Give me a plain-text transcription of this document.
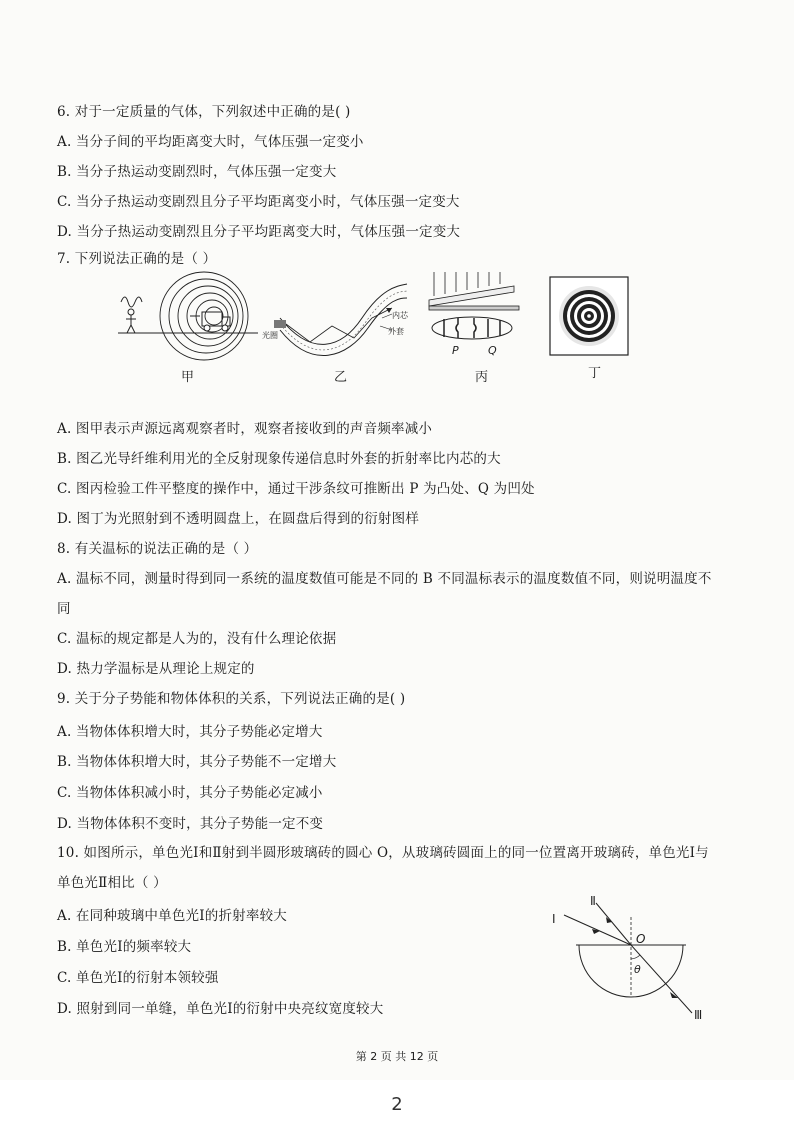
6. 对于一定质量的气体，下列叙述中正确的是( )
A. 当分子间的平均距离变大时，气体压强一定变小
B. 当分子热运动变剧烈时，气体压强一定变大
C. 当分子热运动变剧烈且分子平均距离变小时，气体压强一定变大
D. 当分子热运动变剧烈且分子平均距离变大时，气体压强一定变大
7. 下列说法正确的是（ ）
甲
光圈
内芯
外套
乙
P	Q
丙	丁
A. 图甲表示声源远离观察者时，观察者接收到的声音频率减小
B. 图乙光导纤维利用光的全反射现象传递信息时外套的折射率比内芯的大
C. 图丙检验工件平整度的操作中，通过干涉条纹可推断出 P 为凸处、Q 为凹处
D. 图丁为光照射到不透明圆盘上，在圆盘后得到的衍射图样
8. 有关温标的说法正确的是（ ）
A. 温标不同，测量时得到同一系统的温度数值可能是不同的 B 不同温标表示的温度数值不同，则说明温度不同
C. 温标的规定都是人为的，没有什么理论依据
D. 热力学温标是从理论上规定的
9. 关于分子势能和物体体积的关系，下列说法正确的是( )
A. 当物体体积增大时，其分子势能必定增大
B. 当物体体积增大时，其分子势能不一定增大
C. 当物体体积减小时，其分子势能必定减小
D. 当物体体积不变时，其分子势能一定不变
10. 如图所示，单色光Ⅰ和Ⅱ射到半圆形玻璃砖的圆心 O，从玻璃砖圆面上的同一位置离开玻璃砖，单色光Ⅰ与单色光Ⅱ相比（ ）
A. 在同种玻璃中单色光Ⅰ的折射率较大
B. 单色光Ⅰ的频率较大
C. 单色光Ⅰ的衍射本领较强
D. 照射到同一单缝，单色光Ⅰ的衍射中央亮纹宽度较大
Ⅰ
Ⅱ
Ⅲ
O
θ
第 2 页 共 12 页
2
